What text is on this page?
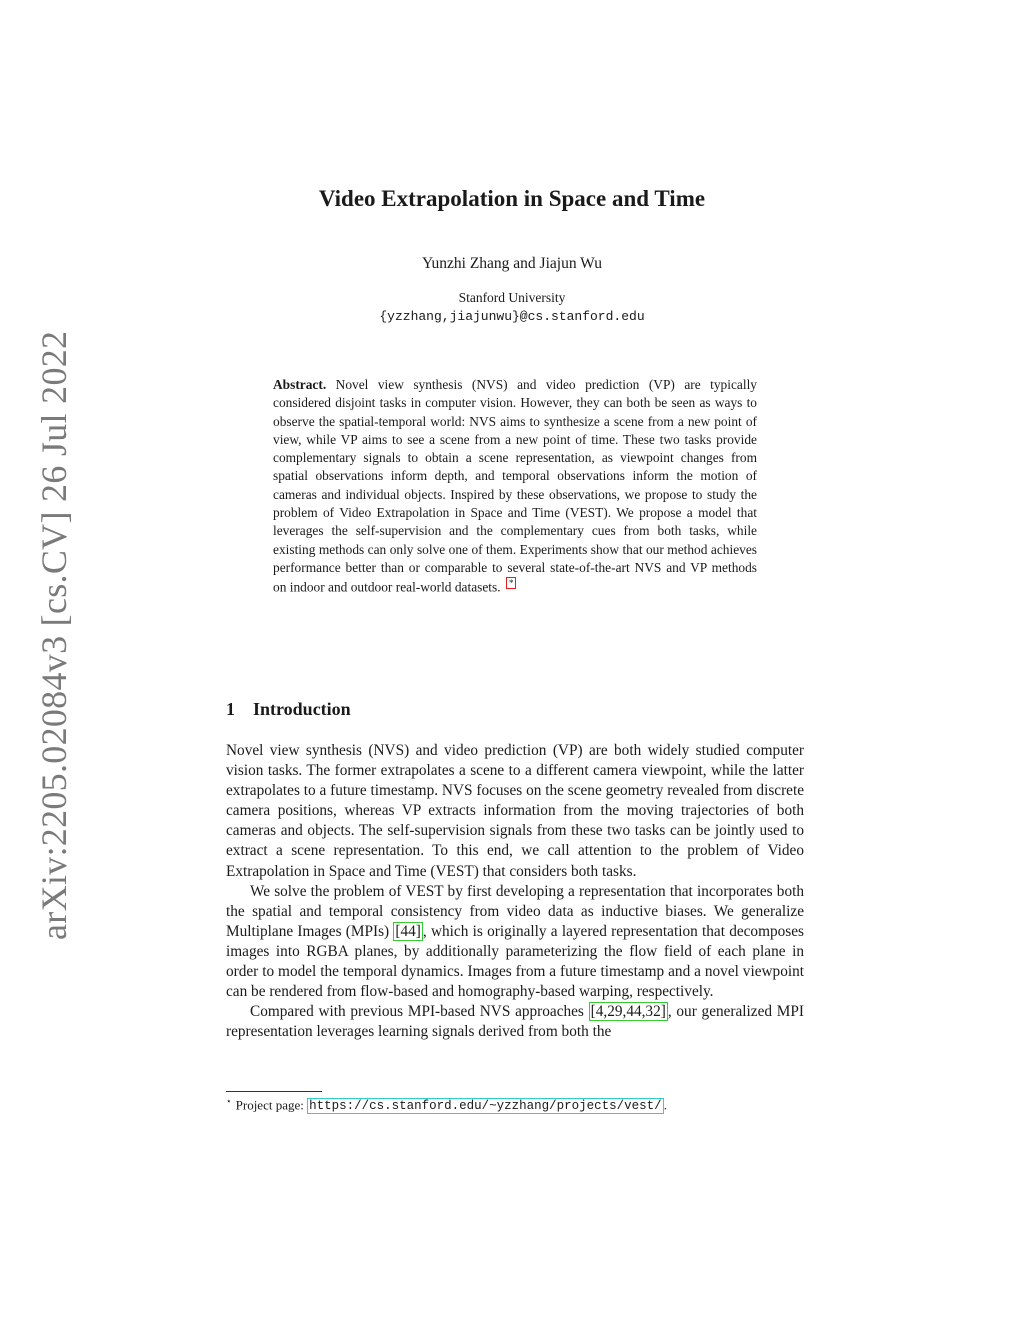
arXiv:2205.02084v3 [cs.CV] 26 Jul 2022
Video Extrapolation in Space and Time

Yunzhi Zhang and Jiajun Wu

Stanford University

{yzzhang,jiajunwu}@cs.stanford.edu

Abstract. Novel view synthesis (NVS) and video prediction (VP) are typically considered disjoint tasks in computer vision. However, they can both be seen as ways to observe the spatial-temporal world: NVS aims to synthesize a scene from a new point of view, while VP aims to see a scene from a new point of time. These two tasks provide complementary signals to obtain a scene representation, as viewpoint changes from spatial observations inform depth, and temporal observations inform the motion of cameras and individual objects. Inspired by these observations, we propose to study the problem of Video Extrapolation in Space and Time (VEST). We propose a model that leverages the self-supervision and the complementary cues from both tasks, while existing methods can only solve one of them. Experiments show that our method achieves performance better than or comparable to several state-of-the-art NVS and VP methods on indoor and outdoor real-world datasets. *

1 Introduction

Novel view synthesis (NVS) and video prediction (VP) are both widely studied computer vision tasks. The former extrapolates a scene to a different camera viewpoint, while the latter extrapolates to a future timestamp. NVS focuses on the scene geometry revealed from discrete camera positions, whereas VP extracts information from the moving trajectories of both cameras and objects. The self-supervision signals from these two tasks can be jointly used to extract a scene representation. To this end, we call attention to the problem of Video Extrapolation in Space and Time (VEST) that considers both tasks.

We solve the problem of VEST by first developing a representation that incorporates both the spatial and temporal consistency from video data as inductive biases. We generalize Multiplane Images (MPIs) [44] , which is originally a layered representation that decomposes images into RGBA planes, by additionally parameterizing the flow field of each plane in order to model the temporal dynamics. Images from a future timestamp and a novel viewpoint can be rendered from flow-based and homography-based warping, respectively.

Compared with previous MPI-based NVS approaches [4,29,44,32] , our generalized MPI representation leverages learning signals derived from both the

⋆ Project page: https://cs.stanford.edu/~yzzhang/projects/vest/ .
